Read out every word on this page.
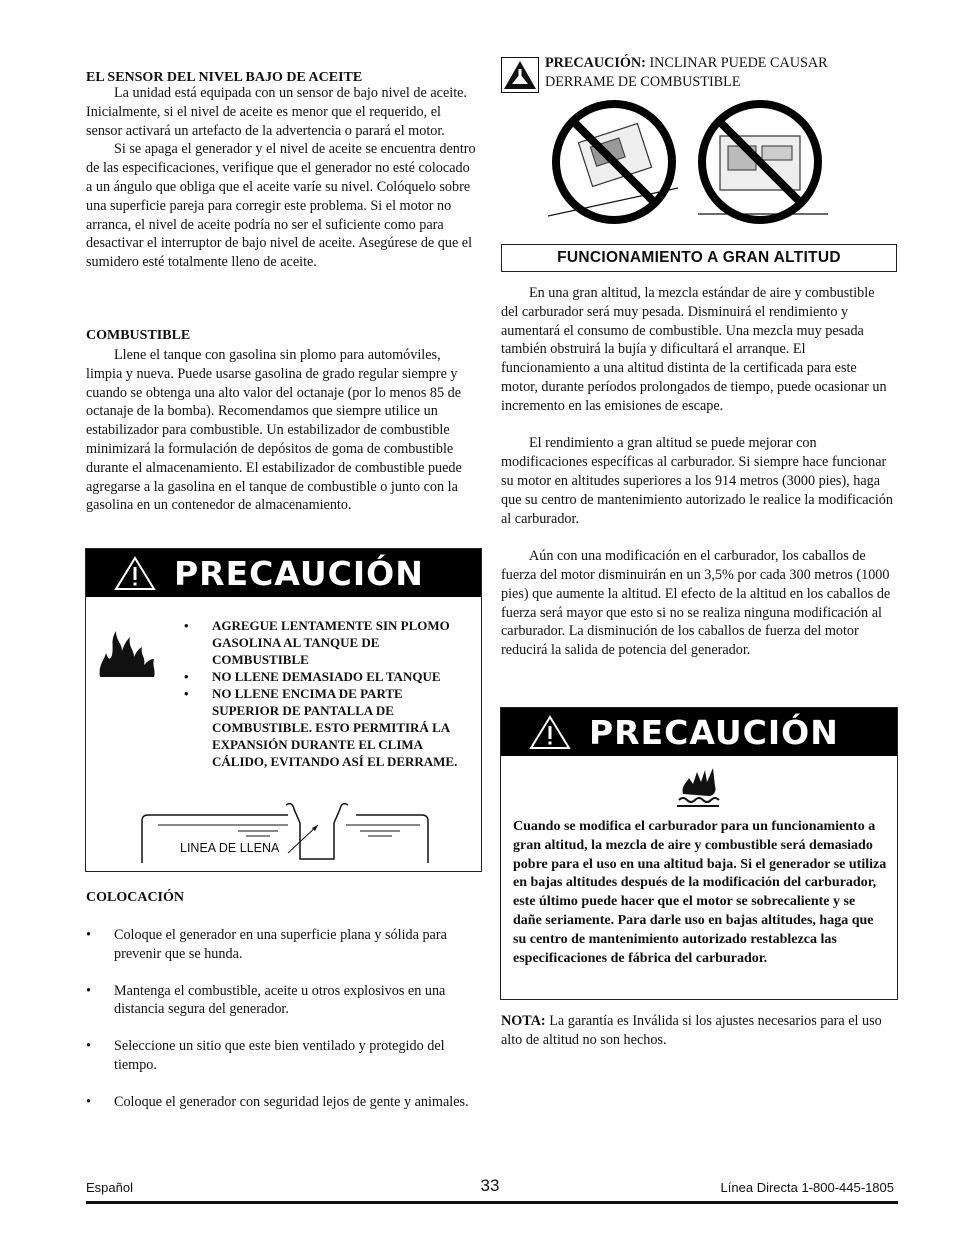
EL SENSOR DEL NIVEL BAJO DE ACEITE

La unidad está equipada con un sensor de bajo nivel de aceite. Inicialmente, si el nivel de aceite es menor que el requerido, el sensor activará un artefacto de la advertencia o parará el motor.

Si se apaga el generador y el nivel de aceite se encuentra dentro de las especificaciones, verifique que el generador no esté colocado a un ángulo que obliga que el aceite varíe su nivel. Colóquelo sobre una superficie pareja para corregir este problema. Si el motor no arranca, el nivel de aceite podría no ser el suficiente como para desactivar el interruptor de bajo nivel de aceite. Asegúrese de que el sumidero esté totalmente lleno de aceite.

COMBUSTIBLE

Llene el tanque con gasolina sin plomo para automóviles, limpia y nueva. Puede usarse gasolina de grado regular siempre y cuando se obtenga una alto valor del octanaje (por lo menos 85 de octanaje de la bomba). Recomendamos que siempre utilice un estabilizador para combustible. Un estabilizador de combustible minimizará la formulación de depósitos de goma de combustible durante el almacenamiento. El estabilizador de combustible puede agregarse a la gasolina en el tanque de combustible o junto con la gasolina en un contenedor de almacenamiento.

PRECAUCIÓN
• AGREGUE LENTAMENTE SIN PLOMO GASOLINA AL TANQUE DE COMBUSTIBLE
• NO LLENE DEMASIADO EL TANQUE
• NO LLENE ENCIMA DE PARTE SUPERIOR DE PANTALLA DE COMBUSTIBLE. ESTO PERMITIRÁ LA EXPANSIÓN DURANTE EL CLIMA CÁLIDO, EVITANDO ASÍ EL DERRAME.
LINEA DE LLENA
COLOCACIÓN
• Coloque el generador en una superficie plana y sólida para prevenir que se hunda.
• Mantenga el combustible, aceite u otros explosivos en una distancia segura del generador.
• Seleccione un sitio que este bien ventilado y protegido del tiempo.
• Coloque el generador con seguridad lejos de gente y animales.
PRECAUCIÓN: INCLINAR PUEDE CAUSAR DERRAME DE COMBUSTIBLE
FUNCIONAMIENTO A GRAN ALTITUD

En una gran altitud, la mezcla estándar de aire y combustible del carburador será muy pesada. Disminuirá el rendimiento y aumentará el consumo de combustible. Una mezcla muy pesada también obstruirá la bujía y dificultará el arranque. El funcionamiento a una altitud distinta de la certificada para este motor, durante períodos prolongados de tiempo, puede ocasionar un incremento en las emisiones de escape.

El rendimiento a gran altitud se puede mejorar con modificaciones específicas al carburador. Si siempre hace funcionar su motor en altitudes superiores a los 914 metros (3000 pies), haga que su centro de mantenimiento autorizado le realice la modificación al carburador.

Aún con una modificación en el carburador, los caballos de fuerza del motor disminuirán en un 3,5% por cada 300 metros (1000 pies) que aumente la altitud. El efecto de la altitud en los caballos de fuerza será mayor que esto si no se realiza ninguna modificación al carburador. La disminución de los caballos de fuerza del motor reducirá la salida de potencia del generador.

PRECAUCIÓN
Cuando se modifica el carburador para un funcionamiento a gran altitud, la mezcla de aire y combustible será demasiado pobre para el uso en una altitud baja. Si el generador se utiliza en bajas altitudes después de la modificación del carburador, este último puede hacer que el motor se sobrecaliente y se dañe seriamente. Para darle uso en bajas altitudes, haga que su centro de mantenimiento autorizado restablezca las especificaciones de fábrica del carburador.
NOTA: La garantía es Inválida si los ajustes necesarios para el uso alto de altitud no son hechos.
Español	33	Línea Directa 1-800-445-1805
